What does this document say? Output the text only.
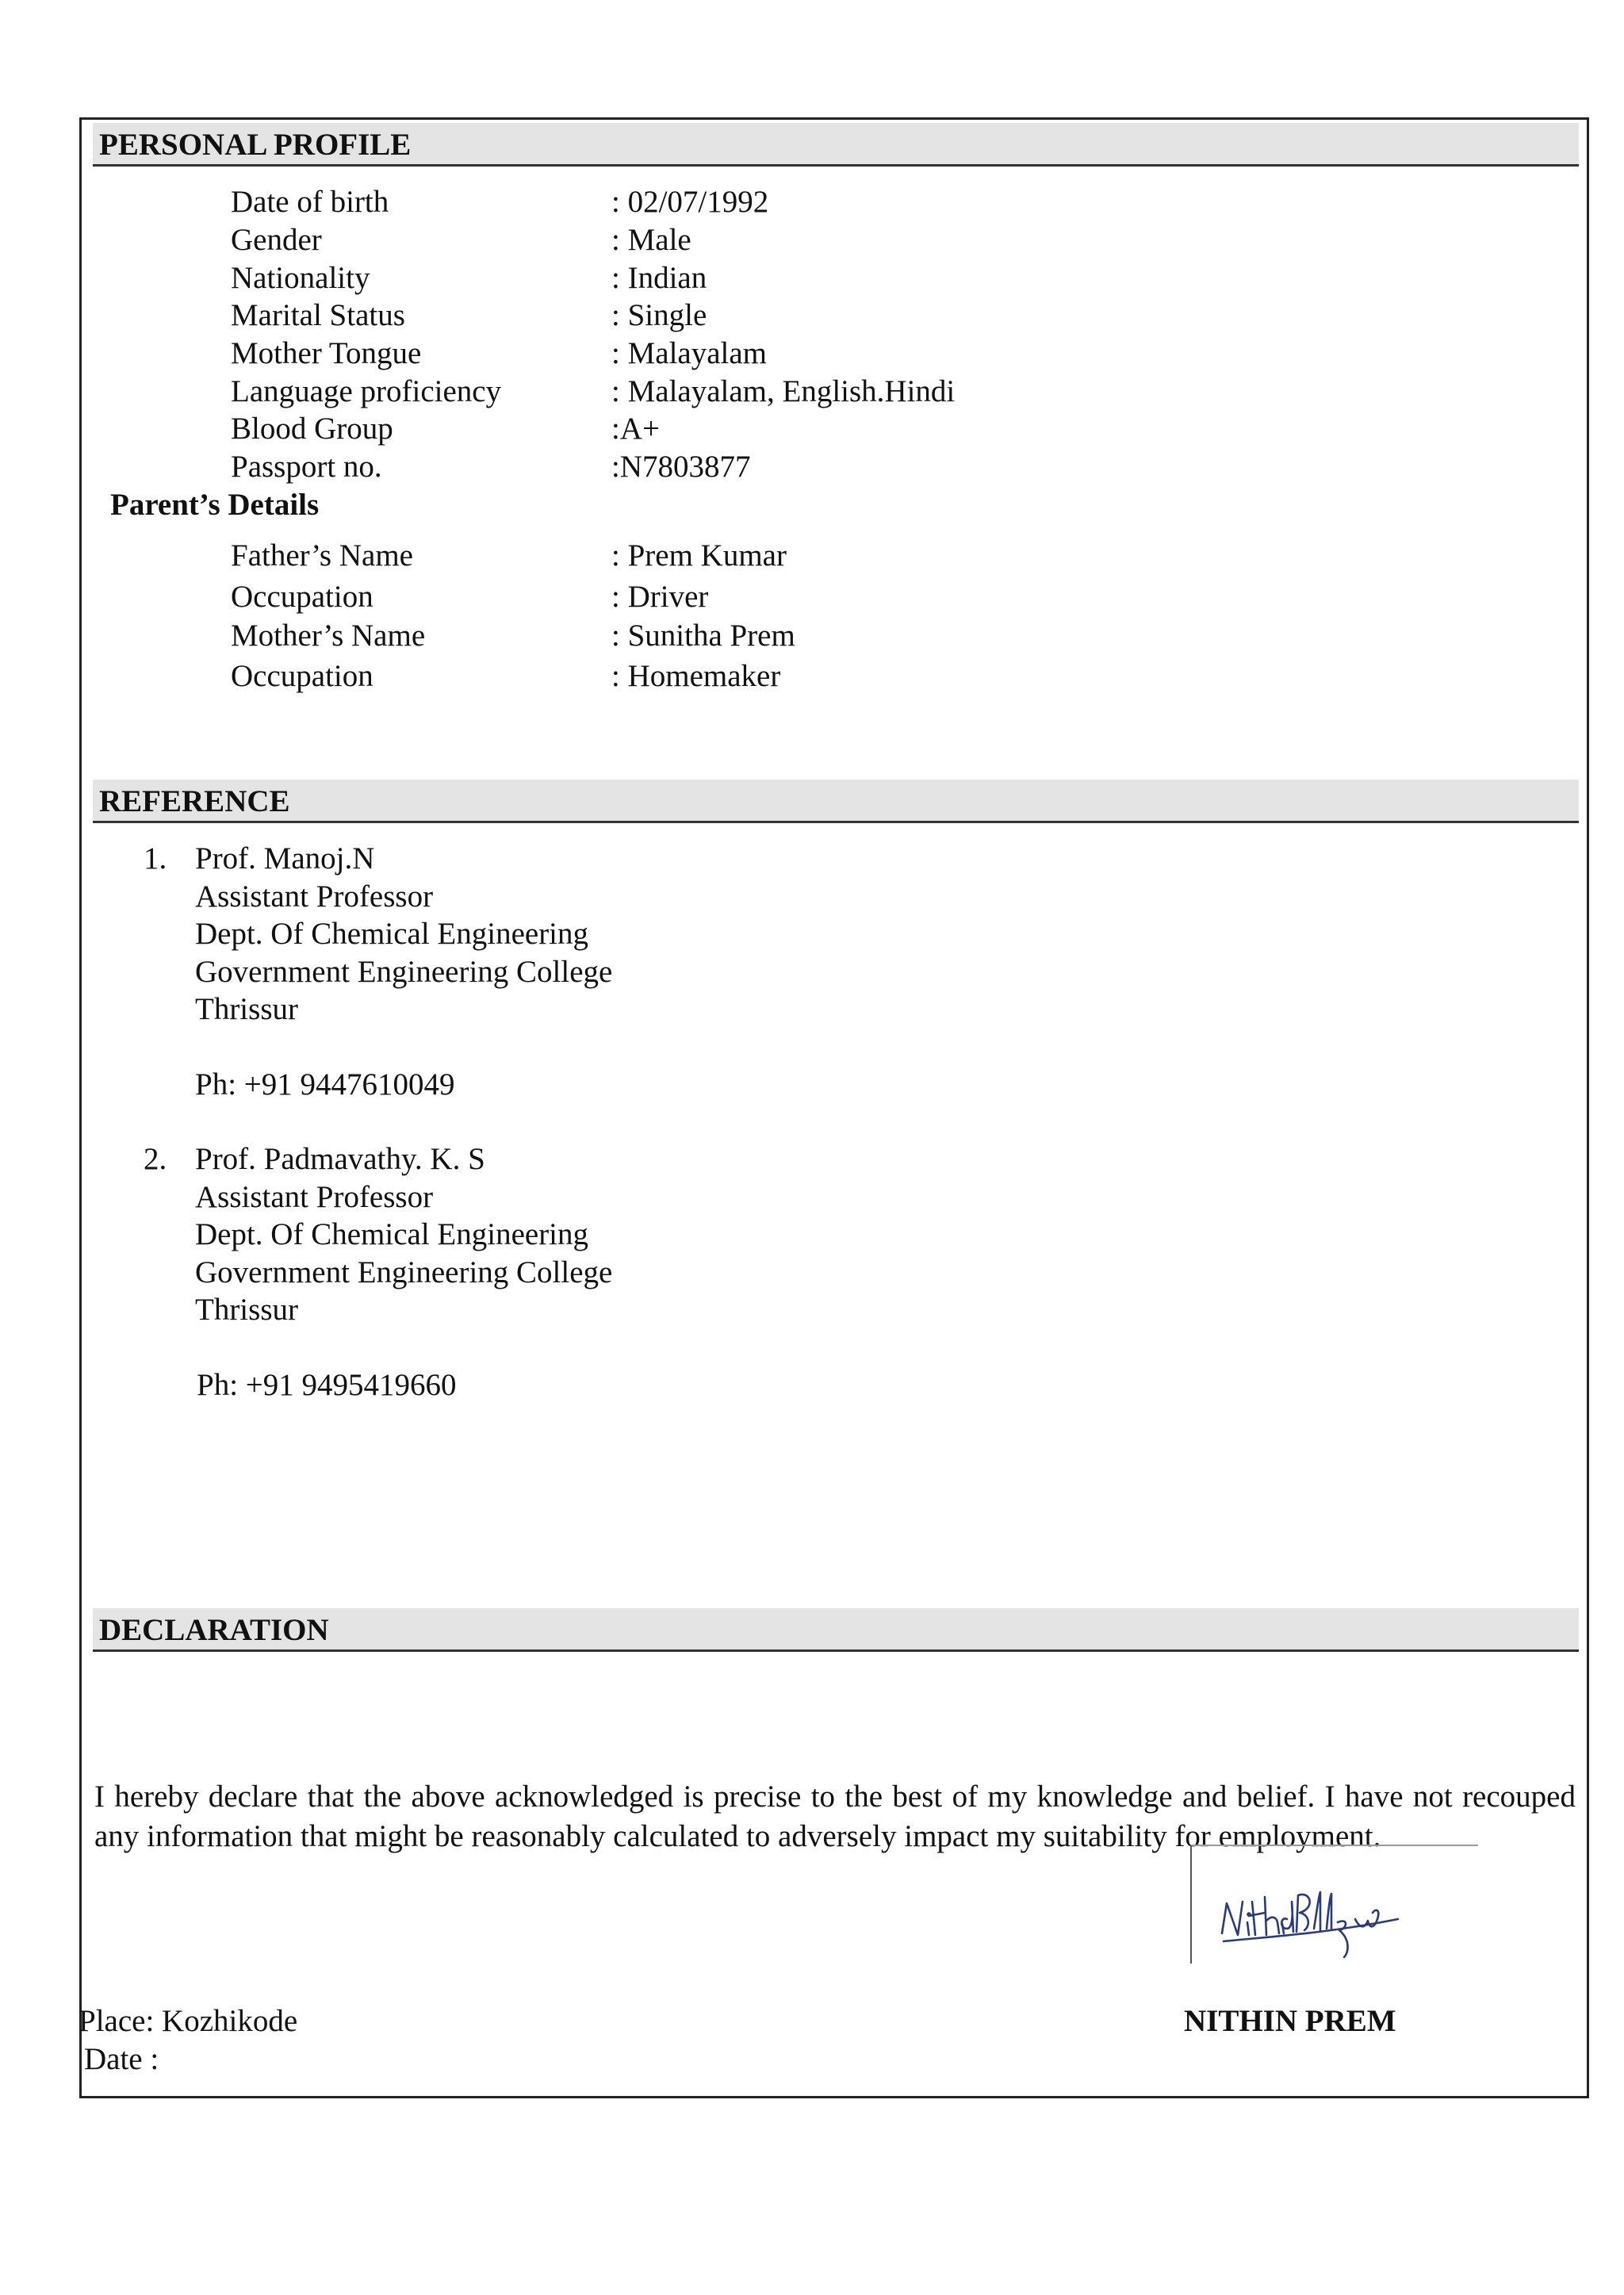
PERSONAL PROFILE
Date of birth	: 02/07/1992
Gender	: Male
Nationality	: Indian
Marital Status	: Single
Mother Tongue	: Malayalam
Language proficiency	: Malayalam, English.Hindi
Blood Group	:A+
Passport no.	:N7803877
Parent’s Details
Father’s Name	: Prem Kumar
Occupation	: Driver
Mother’s Name	: Sunitha Prem
Occupation	: Homemaker
REFERENCE
1. Prof. Manoj.N
Assistant Professor
Dept. Of Chemical Engineering
Government Engineering College
Thrissur
Ph: +91 9447610049
2. Prof. Padmavathy. K. S
Assistant Professor
Dept. Of Chemical Engineering
Government Engineering College
Thrissur
Ph: +91 9495419660
DECLARATION
I hereby declare that the above acknowledged is precise to the best of my knowledge and belief. I have not recouped any information that might be reasonably calculated to adversely impact my suitability for employment.
Place: Kozhikode
Date :
NITHIN PREM
